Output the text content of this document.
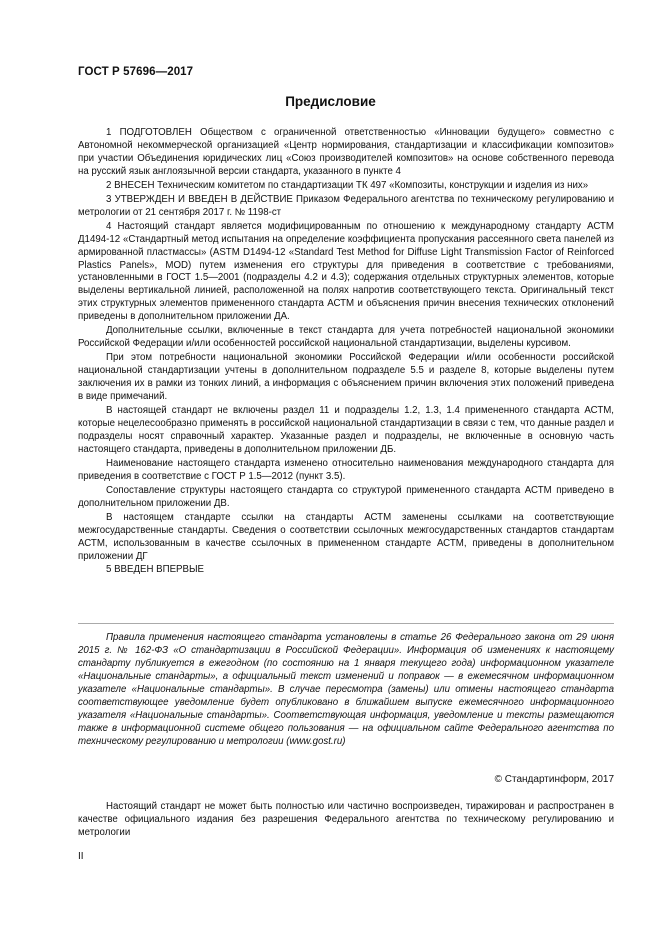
ГОСТ Р 57696—2017
Предисловие

1 ПОДГОТОВЛЕН Обществом с ограниченной ответственностью «Инновации будущего» совместно с Автономной некоммерческой организацией «Центр нормирования, стандартизации и классификации композитов» при участии Объединения юридических лиц «Союз производителей композитов» на основе собственного перевода на русский язык англоязычной версии стандарта, указанного в пункте 4

2 ВНЕСЕН Техническим комитетом по стандартизации ТК 497 «Композиты, конструкции и изделия из них»

3 УТВЕРЖДЕН И ВВЕДЕН В ДЕЙСТВИЕ Приказом Федерального агентства по техническому регулированию и метрологии от 21 сентября 2017 г. № 1198-ст

4 Настоящий стандарт является модифицированным по отношению к международному стандарту АСТМ Д1494-12 «Стандартный метод испытания на определение коэффициента пропускания рассеянного света панелей из армированной пластмассы» (ASTM D1494-12 «Standard Test Method for Diffuse Light Transmission Factor of Reinforced Plastics Panels», MOD) путем изменения его структуры для приведения в соответствие с требованиями, установленными в ГОСТ 1.5—2001 (подразделы 4.2 и 4.3); содержания отдельных структурных элементов, которые выделены вертикальной линией, расположенной на полях напротив соответствующего текста. Оригинальный текст этих структурных элементов примененного стандарта АСТМ и объяснения причин внесения технических отклонений приведены в дополнительном приложении ДА.

Дополнительные ссылки, включенные в текст стандарта для учета потребностей национальной экономики Российской Федерации и/или особенностей российской национальной стандартизации, выделены курсивом.

При этом потребности национальной экономики Российской Федерации и/или особенности российской национальной стандартизации учтены в дополнительном подразделе 5.5 и разделе 8, которые выделены путем заключения их в рамки из тонких линий, а информация с объяснением причин включения этих положений приведена в виде примечаний.

В настоящей стандарт не включены раздел 11 и подразделы 1.2, 1.3, 1.4 примененного стандарта АСТМ, которые нецелесообразно применять в российской национальной стандартизации в связи с тем, что данные раздел и подразделы носят справочный характер. Указанные раздел и подразделы, не включенные в основную часть настоящего стандарта, приведены в дополнительном приложении ДБ.

Наименование настоящего стандарта изменено относительно наименования международного стандарта для приведения в соответствие с ГОСТ Р 1.5—2012 (пункт 3.5).

Сопоставление структуры настоящего стандарта со структурой примененного стандарта АСТМ приведено в дополнительном приложении ДВ.

В настоящем стандарте ссылки на стандарты АСТМ заменены ссылками на соответствующие межгосударственные стандарты. Сведения о соответствии ссылочных межгосударственных стандартов стандартам АСТМ, использованным в качестве ссылочных в примененном стандарте АСТМ, приведены в дополнительном приложении ДГ

5 ВВЕДЕН ВПЕРВЫЕ

Правила применения настоящего стандарта установлены в статье 26 Федерального закона от 29 июня 2015 г. № 162-ФЗ «О стандартизации в Российской Федерации». Информация об изменениях к настоящему стандарту публикуется в ежегодном (по состоянию на 1 января текущего года) информационном указателе «Национальные стандарты», а официальный текст изменений и поправок — в ежемесячном информационном указателе «Национальные стандарты». В случае пересмотра (замены) или отмены настоящего стандарта соответствующее уведомление будет опубликовано в ближайшем выпуске ежемесячного информационного указателя «Национальные стандарты». Соответствующая информация, уведомление и тексты размещаются также в информационной системе общего пользования — на официальном сайте Федерального агентства по техническому регулированию и метрологии (www.gost.ru)

© Стандартинформ, 2017

Настоящий стандарт не может быть полностью или частично воспроизведен, тиражирован и распространен в качестве официального издания без разрешения Федерального агентства по техническому регулированию и метрологии

II
